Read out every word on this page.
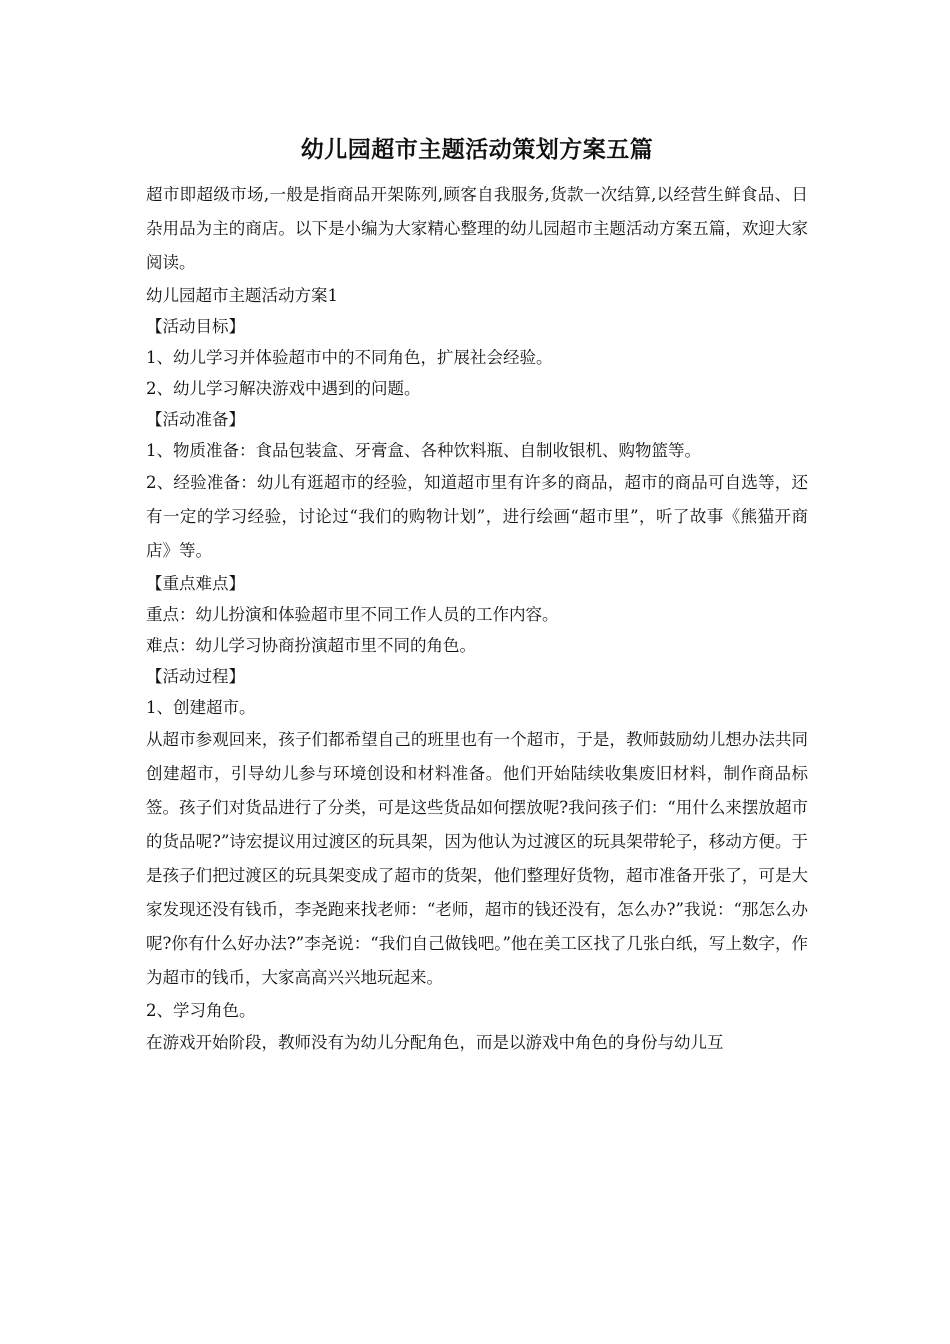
幼儿园超市主题活动策划方案五篇

超市即超级市场,一般是指商品开架陈列,顾客自我服务,货款一次结算,以经营生鲜食品、日杂用品为主的商店。以下是小编为大家精心整理的幼儿园超市主题活动方案五篇，欢迎大家阅读。

幼儿园超市主题活动方案1

【活动目标】

1、幼儿学习并体验超市中的不同角色，扩展社会经验。

2、幼儿学习解决游戏中遇到的问题。

【活动准备】

1、物质准备：食品包装盒、牙膏盒、各种饮料瓶、自制收银机、购物篮等。

2、经验准备：幼儿有逛超市的经验，知道超市里有许多的商品，超市的商品可自选等，还有一定的学习经验，讨论过“我们的购物计划”，进行绘画“超市里”，听了故事《熊猫开商店》等。

【重点难点】

重点：幼儿扮演和体验超市里不同工作人员的工作内容。

难点：幼儿学习协商扮演超市里不同的角色。

【活动过程】

1、创建超市。

从超市参观回来，孩子们都希望自己的班里也有一个超市，于是，教师鼓励幼儿想办法共同创建超市，引导幼儿参与环境创设和材料准备。他们开始陆续收集废旧材料，制作商品标签。孩子们对货品进行了分类，可是这些货品如何摆放呢?我问孩子们：“用什么来摆放超市的货品呢?”诗宏提议用过渡区的玩具架，因为他认为过渡区的玩具架带轮子，移动方便。于是孩子们把过渡区的玩具架变成了超市的货架，他们整理好货物，超市准备开张了，可是大家发现还没有钱币，李尧跑来找老师：“老师，超市的钱还没有，怎么办?”我说：“那怎么办呢?你有什么好办法?”李尧说：“我们自己做钱吧。”他在美工区找了几张白纸，写上数字，作为超市的钱币，大家高高兴兴地玩起来。

2、学习角色。

在游戏开始阶段，教师没有为幼儿分配角色，而是以游戏中角色的身份与幼儿互
